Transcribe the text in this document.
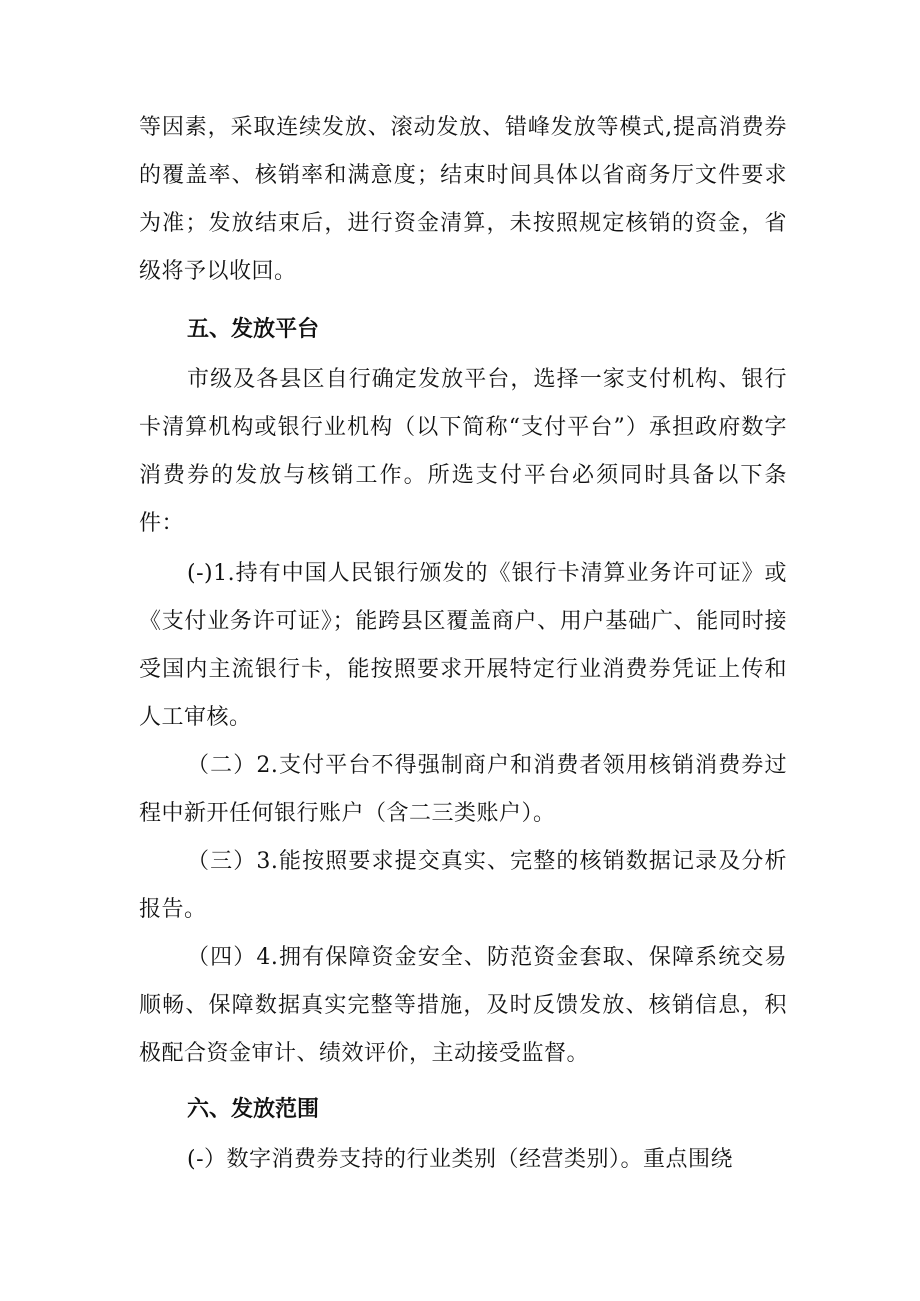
等因素，采取连续发放、滚动发放、错峰发放等模式,提高消费券的覆盖率、核销率和满意度；结束时间具体以省商务厅文件要求为准；发放结束后，进行资金清算，未按照规定核销的资金，省级将予以收回。

五、发放平台

市级及各县区自行确定发放平台，选择一家支付机构、银行卡清算机构或银行业机构（以下简称“支付平台”）承担政府数字消费券的发放与核销工作。所选支付平台必须同时具备以下条件：

(-)1.持有中国人民银行颁发的《银行卡清算业务许可证》或《支付业务许可证》；能跨县区覆盖商户、用户基础广、能同时接受国内主流银行卡，能按照要求开展特定行业消费券凭证上传和人工审核。

（二）2.支付平台不得强制商户和消费者领用核销消费券过程中新开任何银行账户（含二三类账户）。

（三）3.能按照要求提交真实、完整的核销数据记录及分析报告。

（四）4.拥有保障资金安全、防范资金套取、保障系统交易顺畅、保障数据真实完整等措施，及时反馈发放、核销信息，积极配合资金审计、绩效评价，主动接受监督。

六、发放范围

(-）数字消费券支持的行业类别（经营类别）。重点围绕
